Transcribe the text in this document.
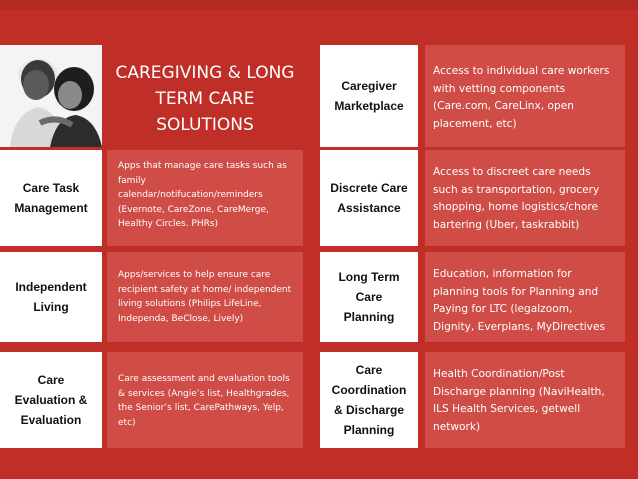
CAREGIVING & LONG
TERM CARE
SOLUTIONS
Care Task
Management
Apps that manage care tasks such as family calendar/notifucation/reminders (Evernote, CareZone, CareMerge, Healthy Circles. PHRs)
Independent
Living
Apps/services to help ensure care recipient safety at home/ independent living solutions (Philips LifeLine, Independa, BeClose, Lively)
Care
Evaluation &
Evaluation
Care assessment and evaluation tools & services (Angie’s list, Healthgrades, the Senior’s list, CarePathways, Yelp, etc)
Caregiver
Marketplace
Access to individual care workers with vetting components (Care.com, CareLinx, open placement, etc)
Discrete Care
Assistance
Access to discreet care needs such as transportation, grocery shopping, home logistics/chore bartering (Uber, taskrabbit)
Long Term
Care
Planning
Education, information for planning tools for Planning and Paying for LTC (legalzoom, Dignity, Everplans, MyDirectives
Care
Coordination
& Discharge
Planning
Health Coordination/Post Discharge planning (NaviHealth, ILS Health Services, getwell network)
